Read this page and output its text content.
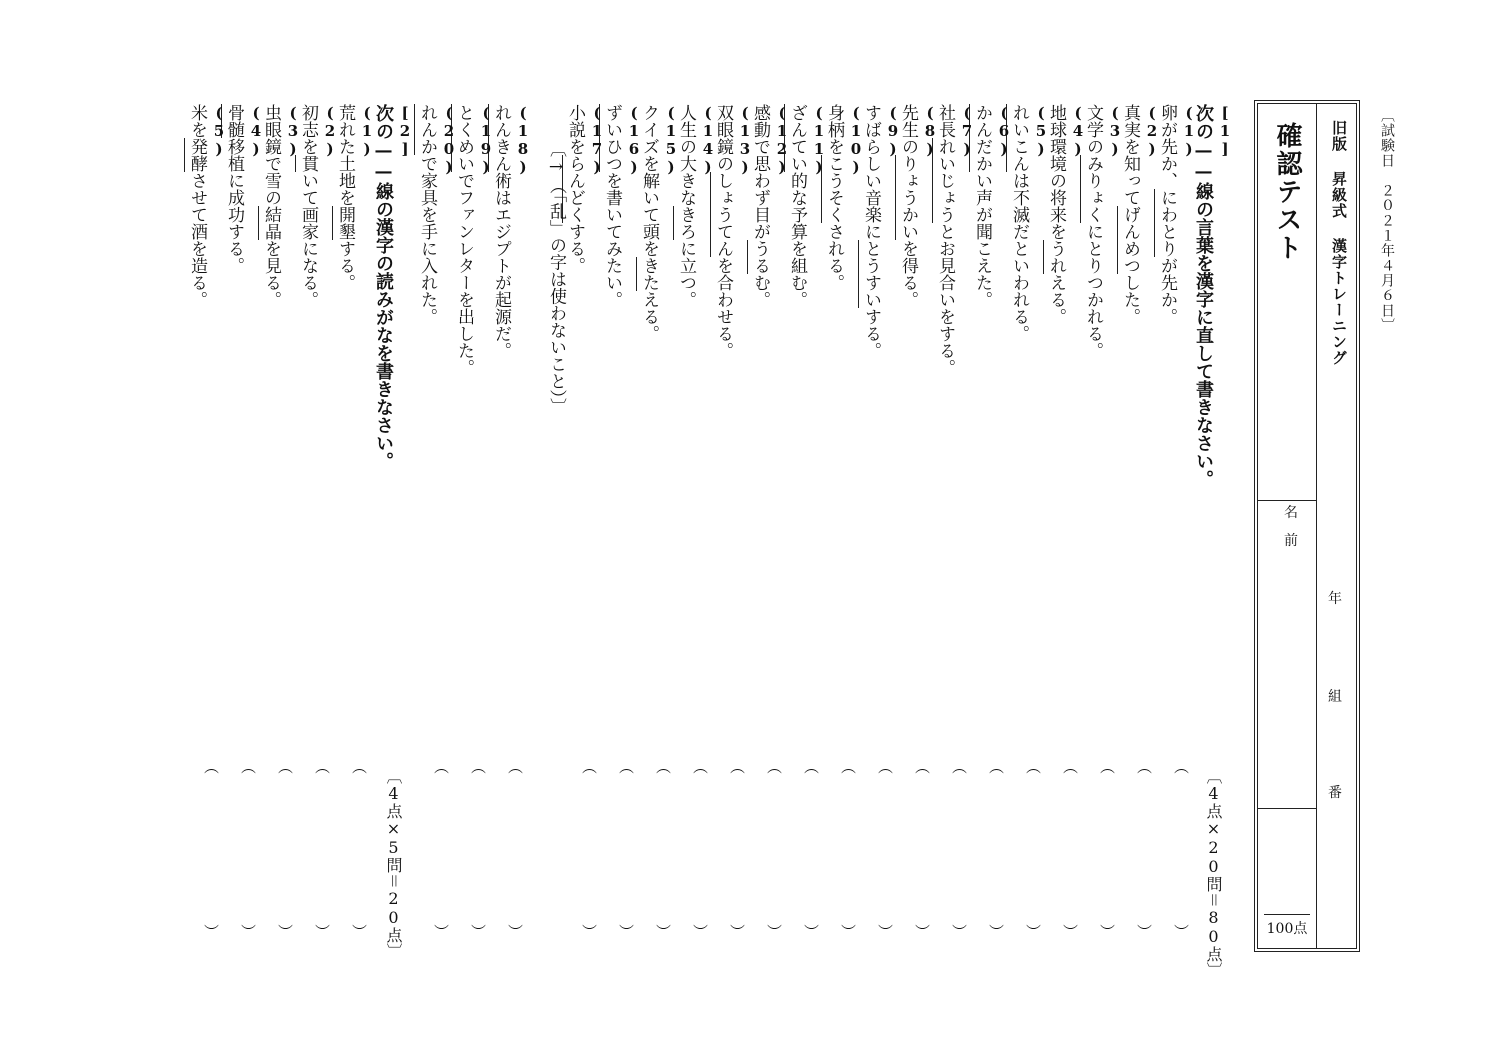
〔試験日　２０２１年４月６日〕
旧版 昇級式 漢字トレーニング
確認テスト
名
前
年
組
番
100点
[1]
次の——線の言葉を漢字に直して書きなさい。
〔4点×20問＝80点〕
(1)
卵が先か、にわとりが先か。
(2)
真実を知ってげんめつした。
(3)
文学のみりょくにとりつかれる。
(4)
地球環境の将来をうれえる。
(5)
れいこんは不滅だといわれる。
(6)
かんだかい声が聞こえた。
(7)
社長れいじょうとお見合いをする。
(8)
先生のりょうかいを得る。
(9)
すばらしい音楽にとうすいする。
(10)
身柄をこうそくされる。
(11)
ざんてい的な予算を組む。
(12)
感動で思わず目がうるむ。
(13)
双眼鏡のしょうてんを合わせる。
(14)
人生の大きなきろに立つ。
(15)
クイズを解いて頭をきたえる。
(16)
ずいひつを書いてみたい。
(17)
小説をらんどくする。
〔→（「乱」の字は使わないこと）〕
(18)
れんきん術はエジプトが起源だ。
(19)
とくめいでファンレターを出した。
(20)
れんかで家具を手に入れた。
[2]
次の——線の漢字の読みがなを書きなさい。
〔4点×5問＝20点〕
(1)
荒れた土地を開墾する。
(2)
初志を貫いて画家になる。
(3)
虫眼鏡で雪の結晶を見る。
(4)
骨髄移植に成功する。
(5)
米を発酵させて酒を造る。
︵
︶
︵
︶
︵
︶
︵
︶
︵
︶
︵
︶
︵
︶
︵
︶
︵
︶
︵
︶
︵
︶
︵
︶
︵
︶
︵
︶
︵
︶
︵
︶
︵
︶
︵
︶
︵
︶
︵
︶
︵
︶
︵
︶
︵
︶
︵
︶
︵
︶
